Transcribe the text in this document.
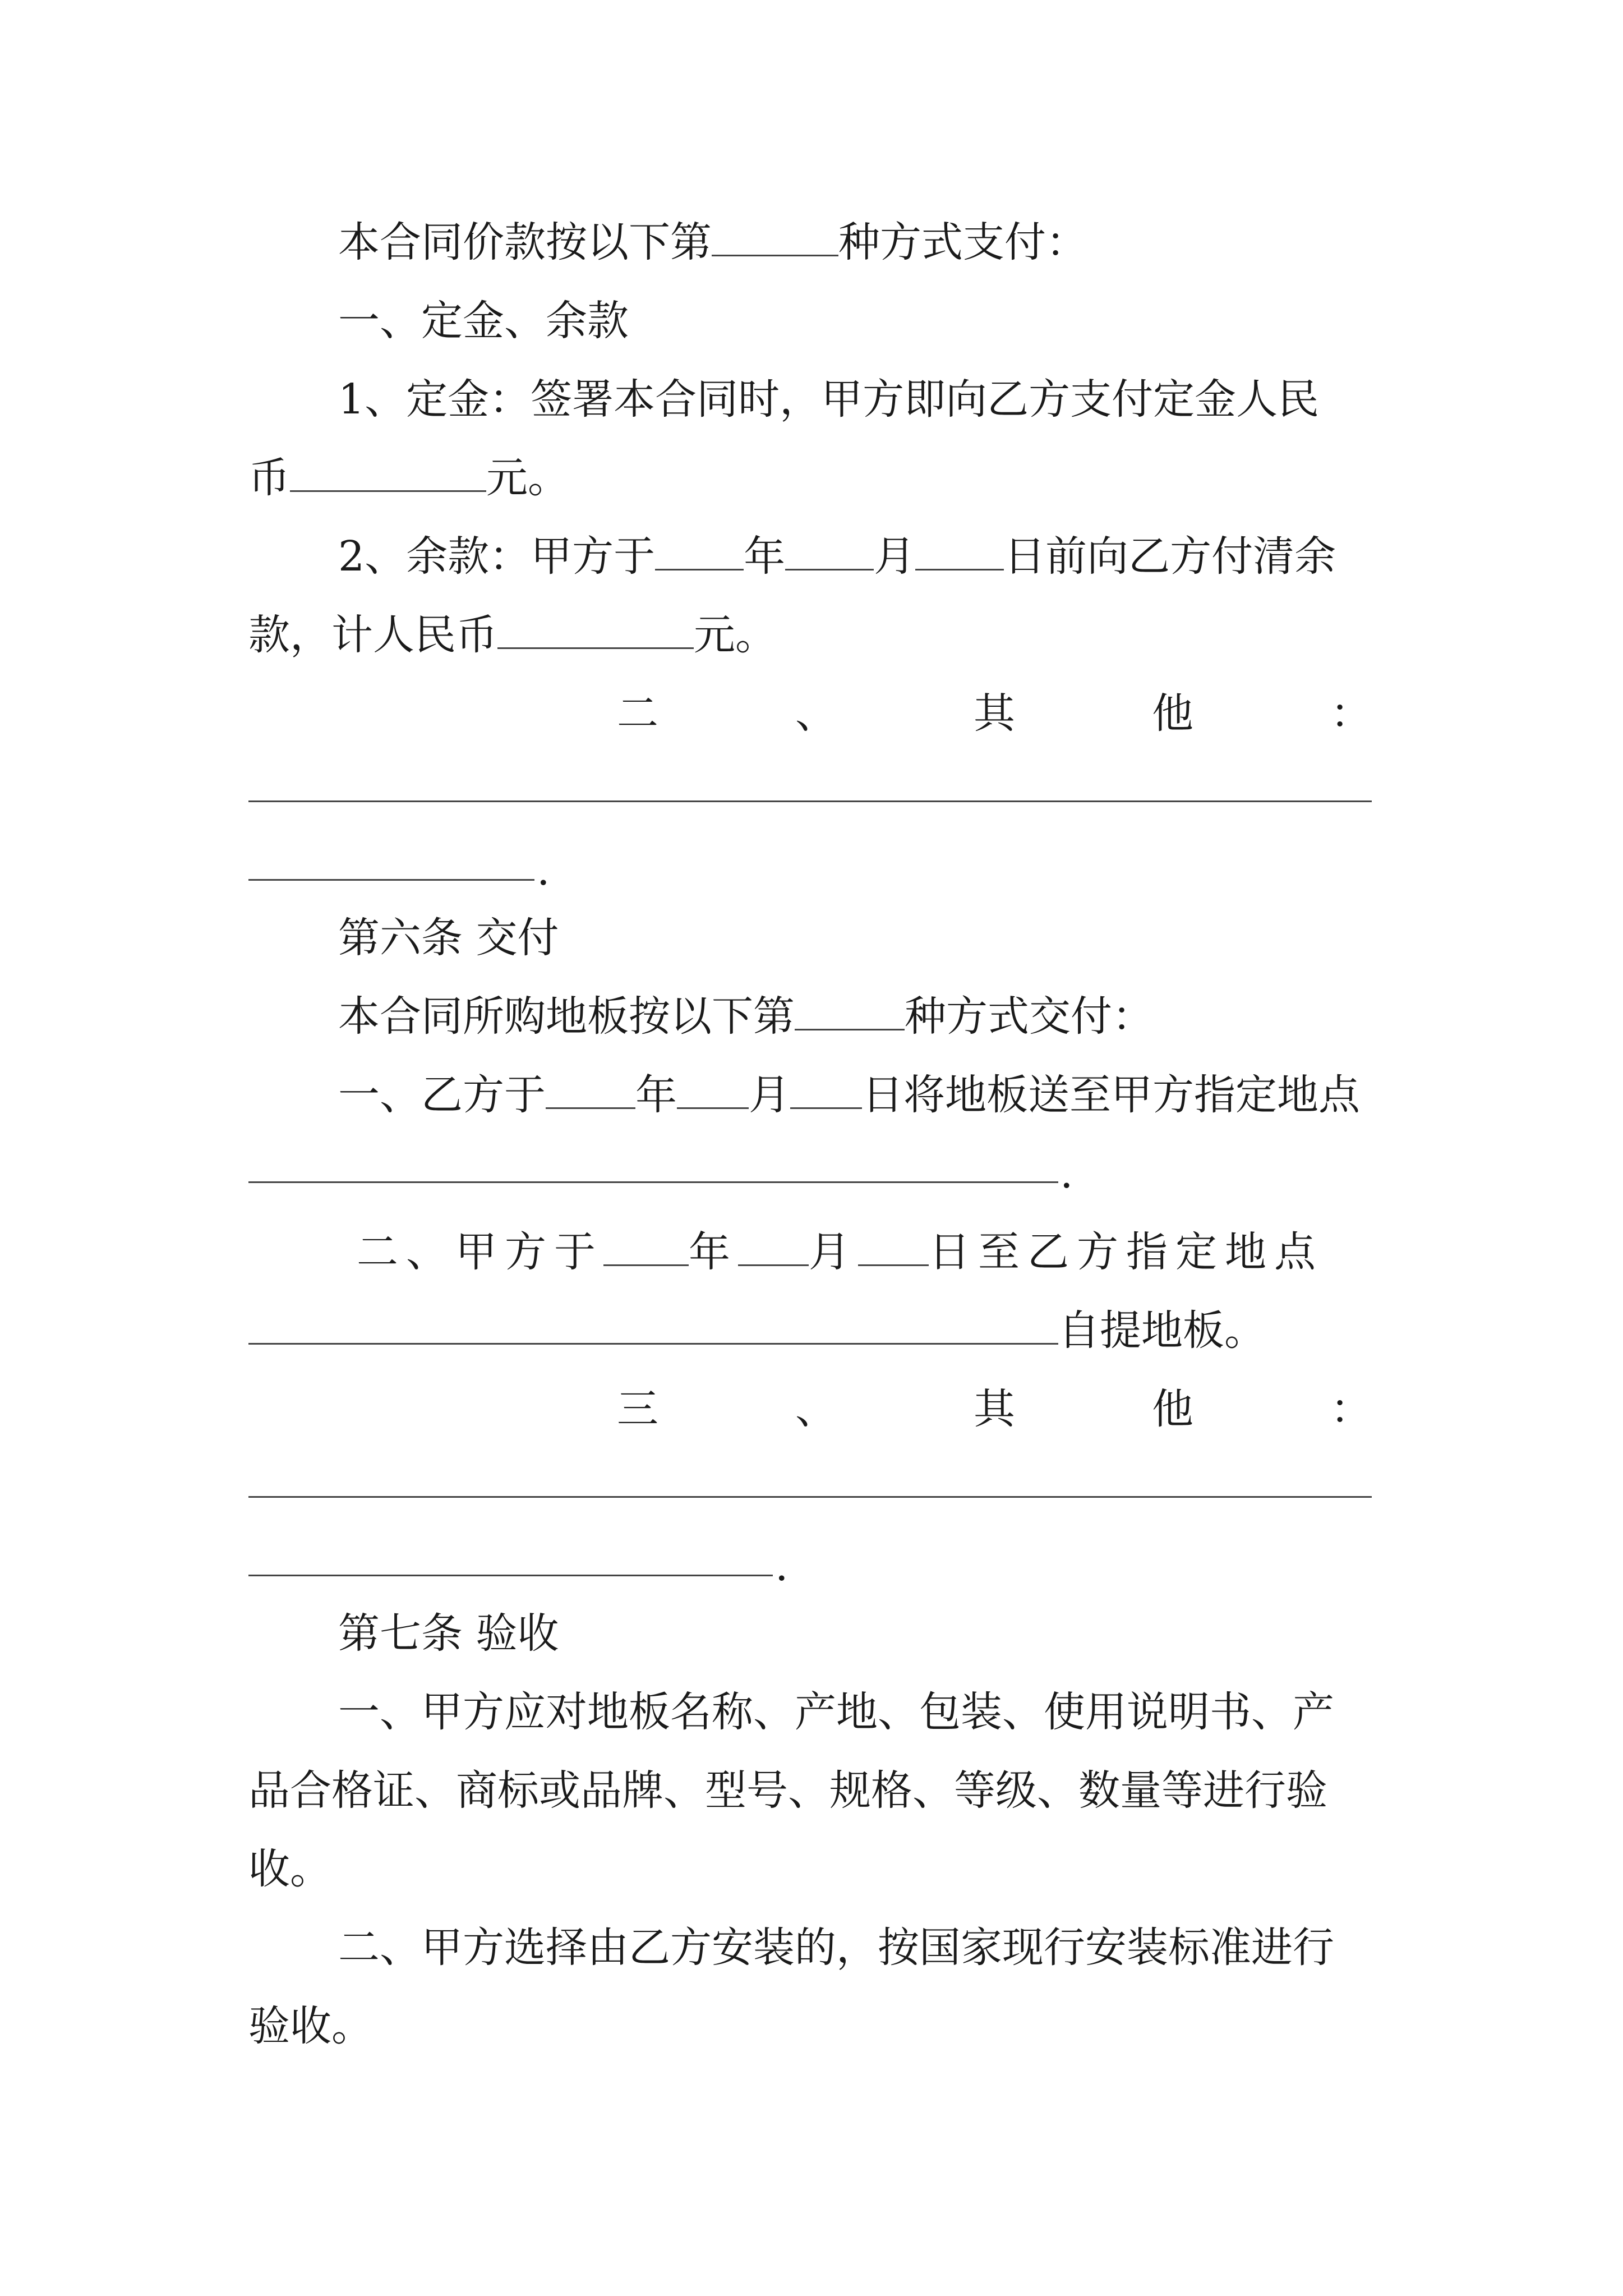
本合同价款按以下第	种方式支付：

一、定金、余款

1、定金：签署本合同时，甲方即向乙方支付定金人民

币	元。

2、余款：甲方于 年 月 日前向乙方付清余

款，计人民币	元。

二	、	其	他	：
.

第六条 交付

本合同所购地板按以下第	种方式交付：

一、乙方于 年 月 日将地板送至甲方指定地点

.

二、甲方于 年 月 日至乙方指定地点

自提地板。

三	、	其	他	：
.

第七条 验收

一、甲方应对地板名称、产地、包装、使用说明书、产

品合格证、商标或品牌、型号、规格、等级、数量等进行验

收。

二、甲方选择由乙方安装的，按国家现行安装标准进行

验收。
